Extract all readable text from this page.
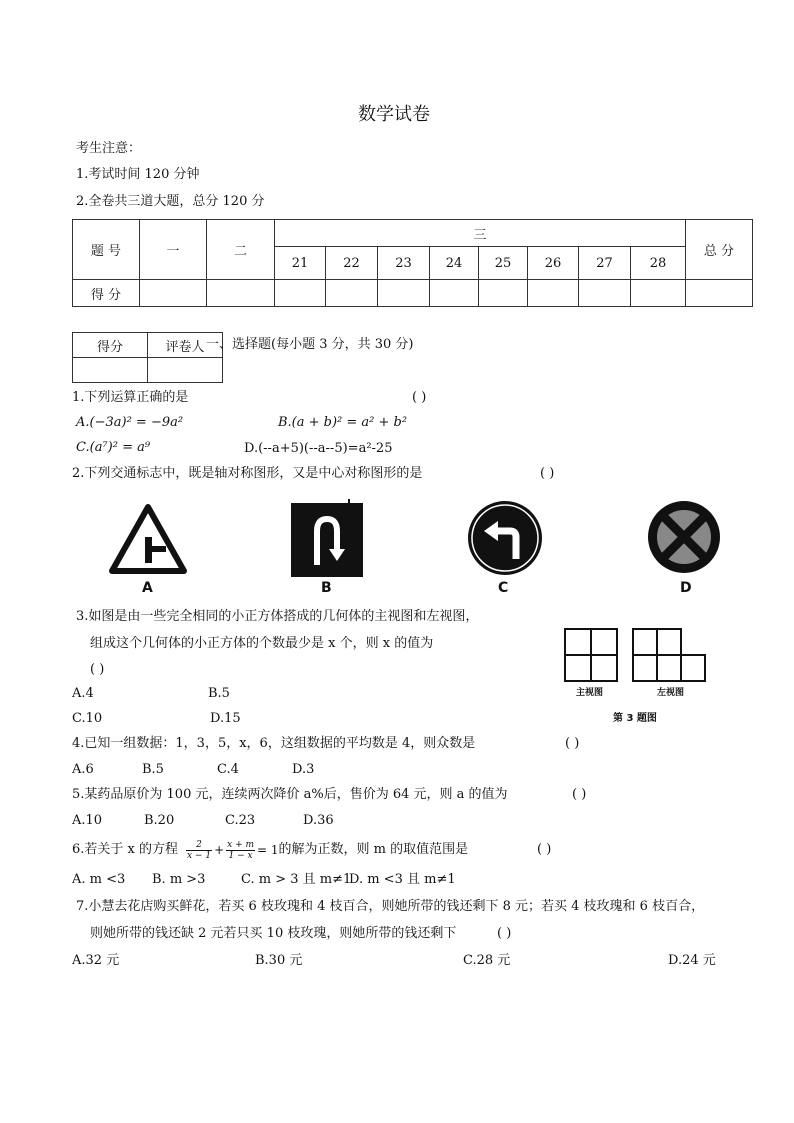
数学试卷
考生注意：
1.考试时间 120 分钟
2.全卷共三道大题，总分 120 分
题 号	一	二	三								总 分
			21	22	23	24	25	26	27	28	
得 分											
得分	评卷人
	一、选择题(每小题 3 分，共 30 分)
1.下列运算正确的是	( )
A.(−3a)² = −9a²	B.(a + b)² = a² + b²
C.(a⁷)² = a⁹	D.(--a+5)(--a--5)=a²-25
2.下列交通标志中，既是轴对称图形，又是中心对称图形的是	( )
A	B	C	D
3.如图是由一些完全相同的小正方体搭成的几何体的主视图和左视图，
组成这个几何体的小正方体的个数最少是 x 个，则 x 的值为
( )
A.4	B.5
C.10	D.15
主视图	左视图
第 3 题图
4.已知一组数据：1，3，5，x，6，这组数据的平均数是 4，则众数是	( )
A.6	B.5	C.4	D.3
5.某药品原价为 100 元，连续两次降价 a%后，售价为 64 元，则 a 的值为	( )
A.10	B.20	C.23	D.36
6.若关于 x 的方程 $\frac{2}{x - 1} + \frac{x + m}{1 - x} = 1$ 的解为正数，则 m 的取值范围是	( )
A. m <3 B. m >3	C. m > 3 且 m≠1
D. m <3 且 m≠1
7.小慧去花店购买鲜花，若买 6 枝玫瑰和 4 枝百合，则她所带的钱还剩下 8 元；若买 4 枝玫瑰和 6 枝百合，
则她所带的钱还缺 2 元若只买 10 枝玫瑰，则她所带的钱还剩下	( )
A.32 元	B.30 元	C.28 元	D.24 元
